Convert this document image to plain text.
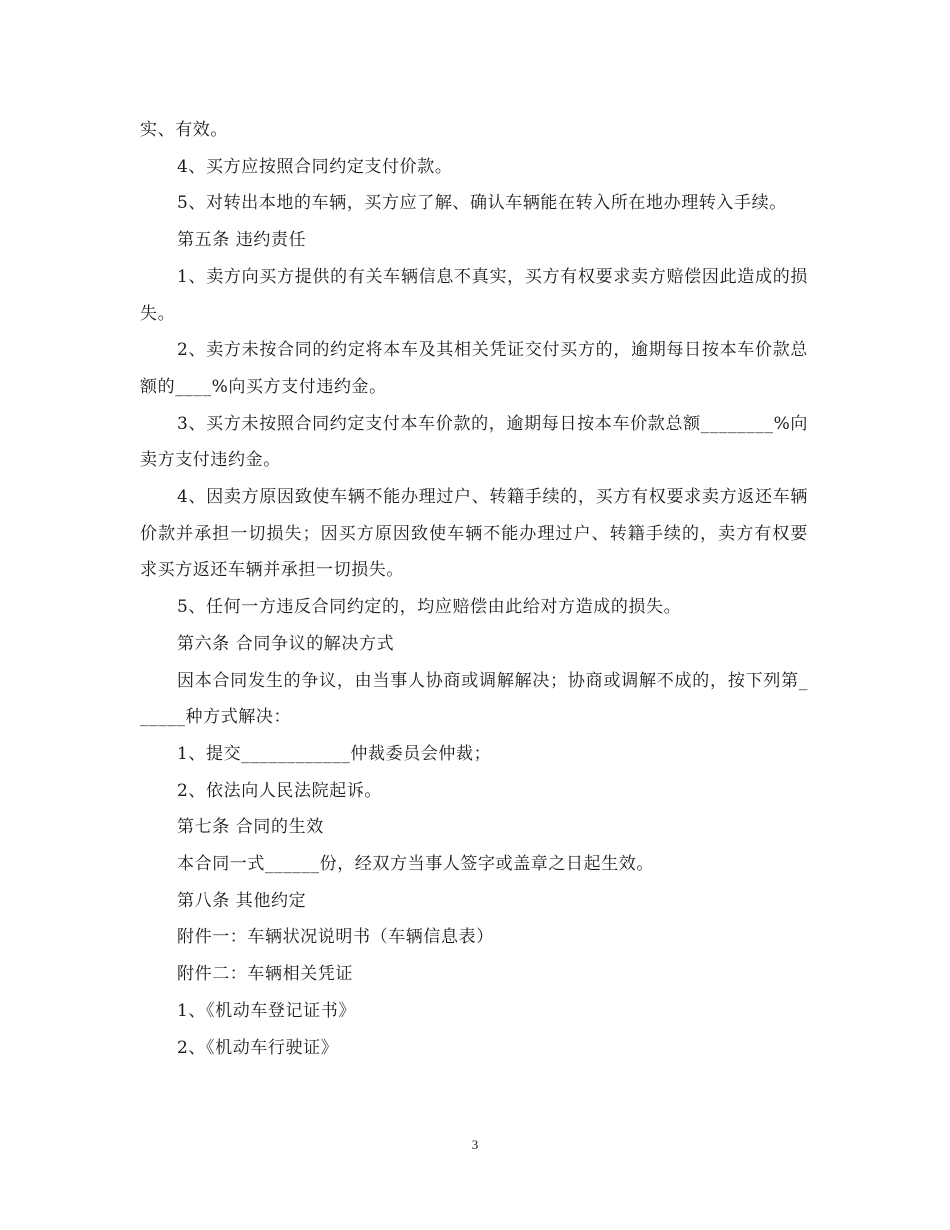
实、有效。

4、买方应按照合同约定支付价款。

5、对转出本地的车辆，买方应了解、确认车辆能在转入所在地办理转入手续。

第五条 违约责任

1、卖方向买方提供的有关车辆信息不真实，买方有权要求卖方赔偿因此造成的损失。

2、卖方未按合同的约定将本车及其相关凭证交付买方的，逾期每日按本车价款总额的____%向买方支付违约金。

3、买方未按照合同约定支付本车价款的，逾期每日按本车价款总额________%向卖方支付违约金。

4、因卖方原因致使车辆不能办理过户、转籍手续的，买方有权要求卖方返还车辆价款并承担一切损失；因买方原因致使车辆不能办理过户、转籍手续的，卖方有权要求买方返还车辆并承担一切损失。

5、任何一方违反合同约定的，均应赔偿由此给对方造成的损失。

第六条 合同争议的解决方式

因本合同发生的争议，由当事人协商或调解解决；协商或调解不成的，按下列第______种方式解决：

1、提交____________仲裁委员会仲裁；

2、依法向人民法院起诉。

第七条 合同的生效

本合同一式______份，经双方当事人签字或盖章之日起生效。

第八条 其他约定

附件一：车辆状况说明书（车辆信息表）

附件二：车辆相关凭证

1、《机动车登记证书》

2、《机动车行驶证》

3
